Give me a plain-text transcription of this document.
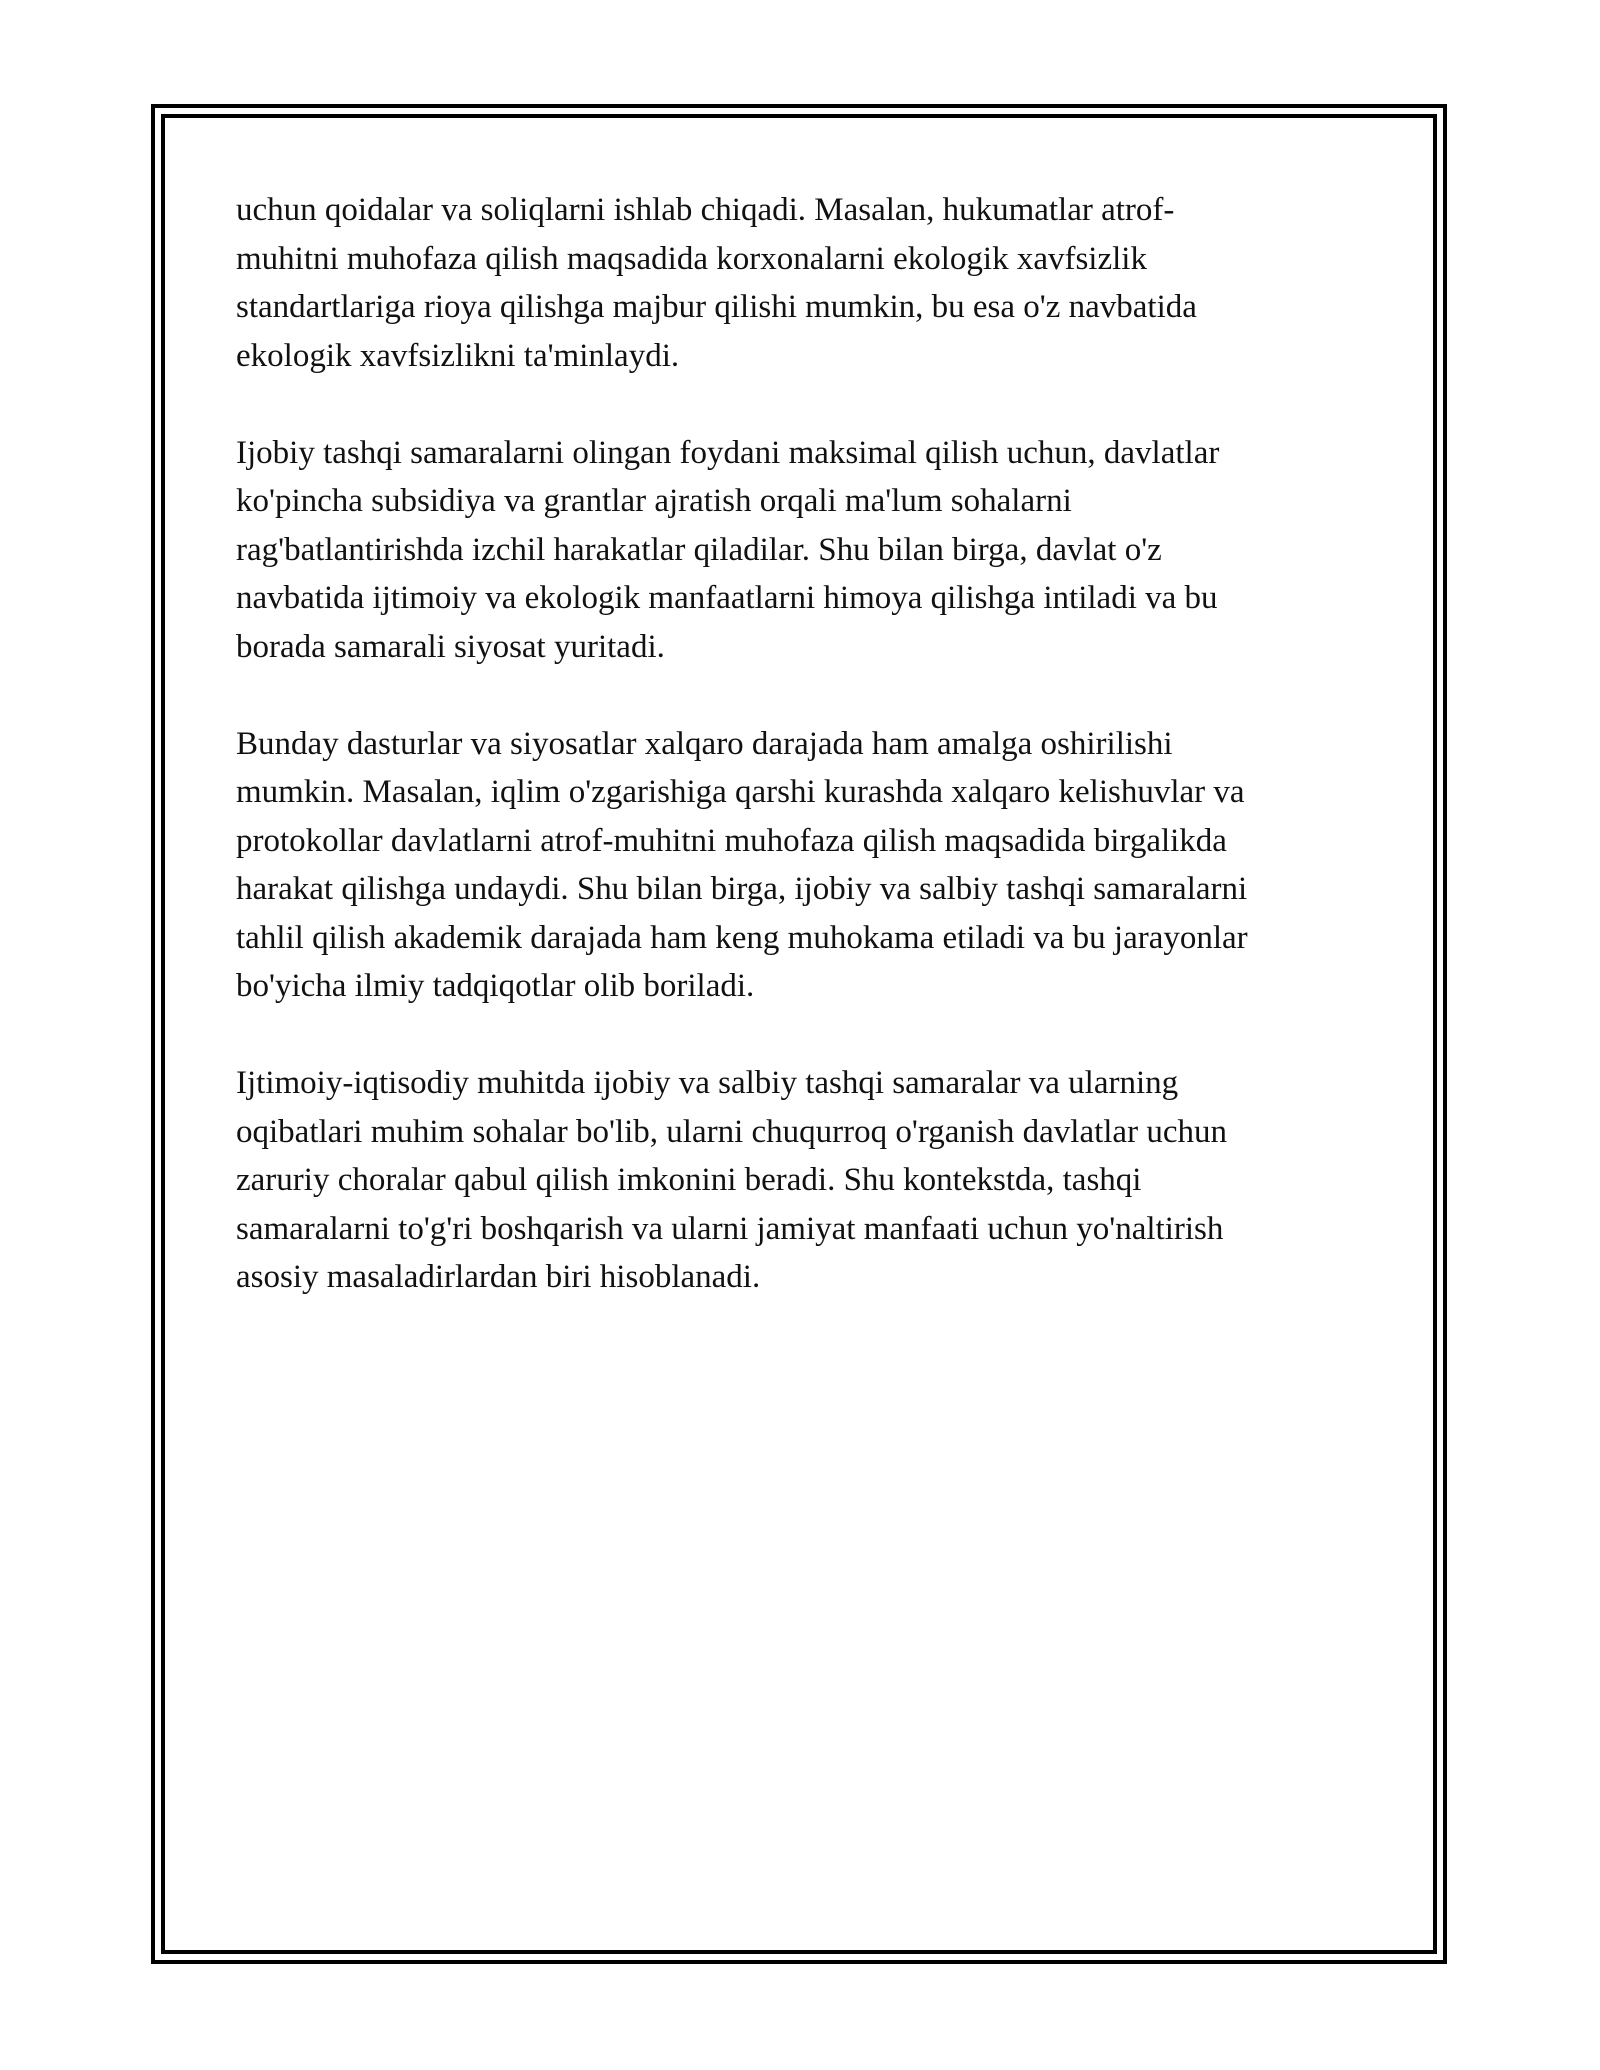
uchun qoidalar va soliqlarni ishlab chiqadi. Masalan, hukumatlar atrof-
muhitni muhofaza qilish maqsadida korxonalarni ekologik xavfsizlik
standartlariga rioya qilishga majbur qilishi mumkin, bu esa o'z navbatida
ekologik xavfsizlikni ta'minlaydi.

Ijobiy tashqi samaralarni olingan foydani maksimal qilish uchun, davlatlar
ko'pincha subsidiya va grantlar ajratish orqali ma'lum sohalarni
rag'batlantirishda izchil harakatlar qiladilar. Shu bilan birga, davlat o'z
navbatida ijtimoiy va ekologik manfaatlarni himoya qilishga intiladi va bu
borada samarali siyosat yuritadi.

Bunday dasturlar va siyosatlar xalqaro darajada ham amalga oshirilishi
mumkin. Masalan, iqlim o'zgarishiga qarshi kurashda xalqaro kelishuvlar va
protokollar davlatlarni atrof-muhitni muhofaza qilish maqsadida birgalikda
harakat qilishga undaydi. Shu bilan birga, ijobiy va salbiy tashqi samaralarni
tahlil qilish akademik darajada ham keng muhokama etiladi va bu jarayonlar
bo'yicha ilmiy tadqiqotlar olib boriladi.

Ijtimoiy-iqtisodiy muhitda ijobiy va salbiy tashqi samaralar va ularning
oqibatlari muhim sohalar bo'lib, ularni chuqurroq o'rganish davlatlar uchun
zaruriy choralar qabul qilish imkonini beradi. Shu kontekstda, tashqi
samaralarni to'g'ri boshqarish va ularni jamiyat manfaati uchun yo'naltirish
asosiy masaladirlardan biri hisoblanadi.
